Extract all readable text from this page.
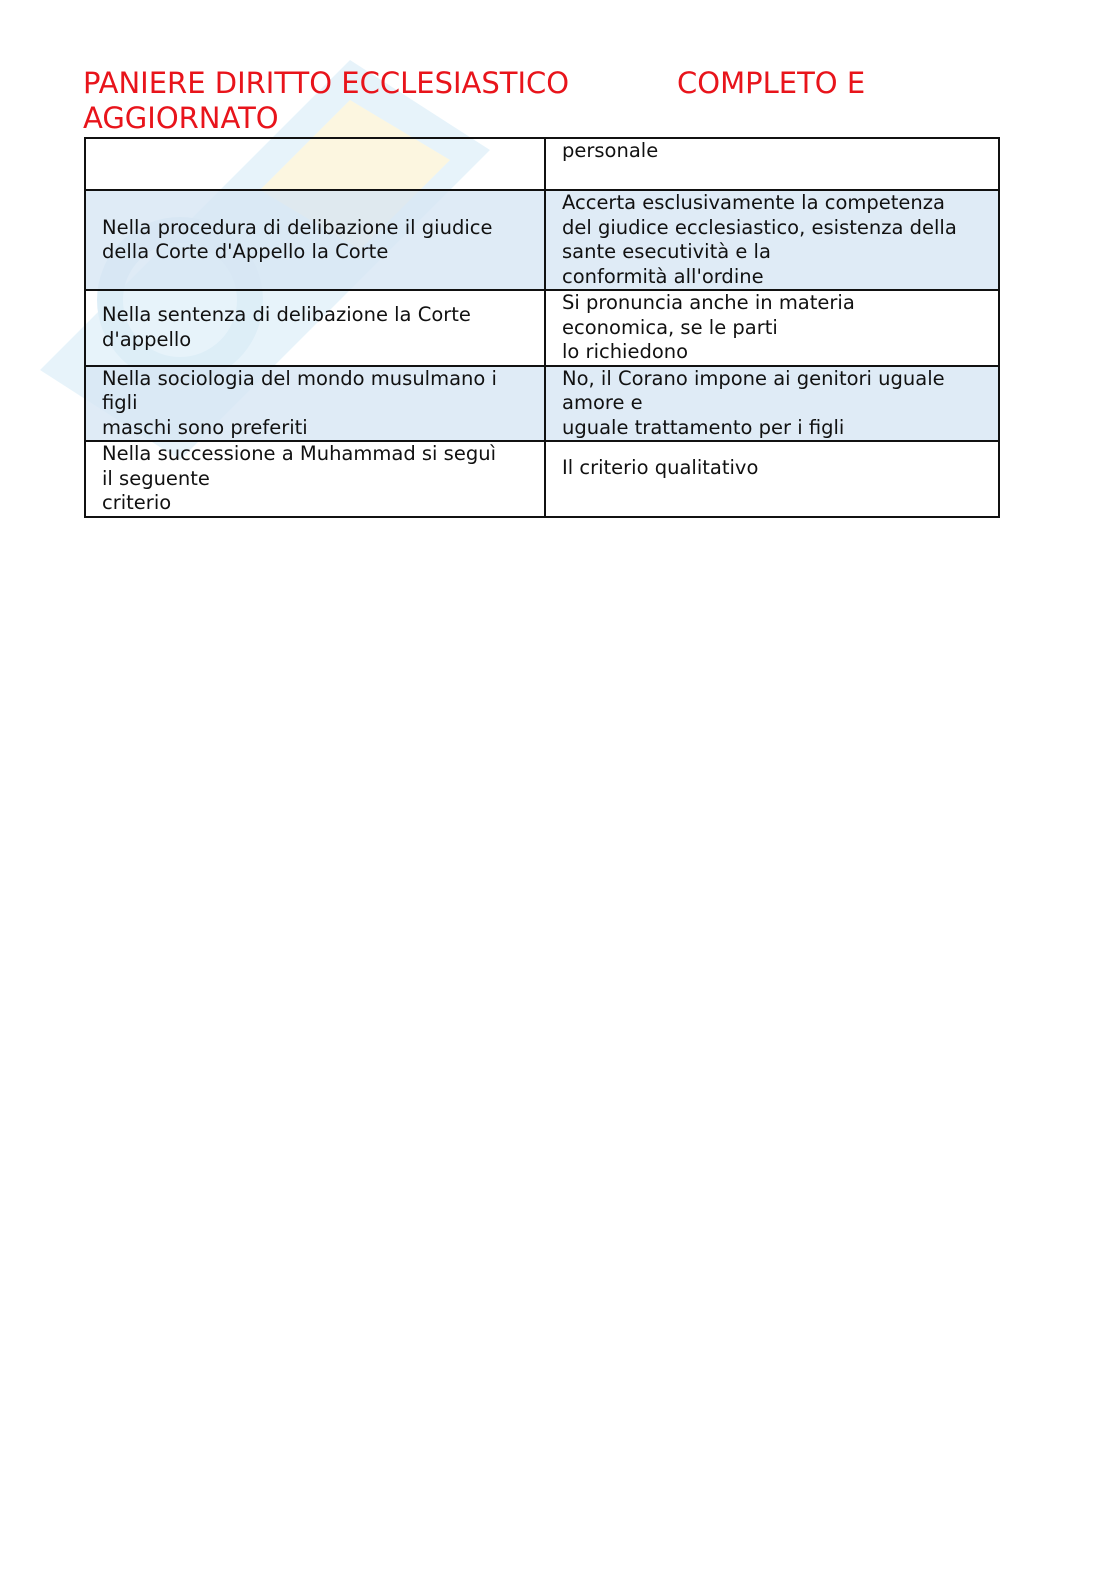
PANIERE DIRITTO ECCLESIASTICO	COMPLETO E
AGGIORNATO

	personale

Nella procedura di delibazione il giudice
della Corte d'Appello la Corte	Accerta esclusivamente la competenza
del giudice ecclesiastico, esistenza della
sante esecutività e la
conformità all'ordine

Nella sentenza di delibazione la Corte
d'appello	Si pronuncia anche in materia
economica, se le parti
lo richiedono

Nella sociologia del mondo musulmano i
figli
maschi sono preferiti	No, il Corano impone ai genitori uguale
amore e
uguale trattamento per i figli

Nella successione a Muhammad si seguì
il seguente
criterio	Il criterio qualitativo
